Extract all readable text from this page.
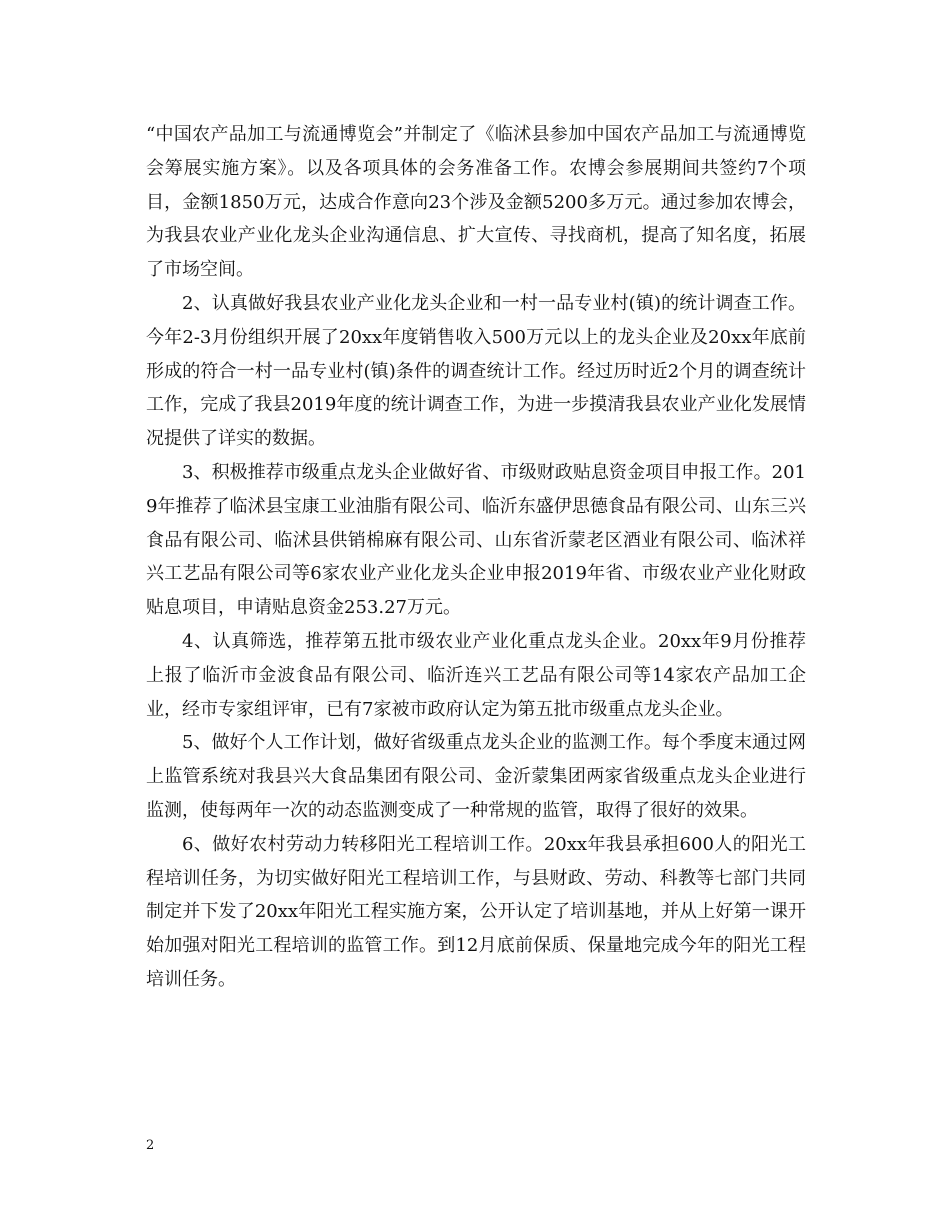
“中国农产品加工与流通博览会”并制定了《临沭县参加中国农产品加工与流通博览会筹展实施方案》。以及各项具体的会务准备工作。农博会参展期间共签约7个项目，金额1850万元，达成合作意向23个涉及金额5200多万元。通过参加农博会，为我县农业产业化龙头企业沟通信息、扩大宣传、寻找商机，提高了知名度，拓展了市场空间。

2、认真做好我县农业产业化龙头企业和一村一品专业村(镇)的统计调查工作。今年2-3月份组织开展了20xx年度销售收入500万元以上的龙头企业及20xx年底前形成的符合一村一品专业村(镇)条件的调查统计工作。经过历时近2个月的调查统计工作，完成了我县2019年度的统计调查工作，为进一步摸清我县农业产业化发展情况提供了详实的数据。

3、积极推荐市级重点龙头企业做好省、市级财政贴息资金项目申报工作。2019年推荐了临沭县宝康工业油脂有限公司、临沂东盛伊思德食品有限公司、山东三兴食品有限公司、临沭县供销棉麻有限公司、山东省沂蒙老区酒业有限公司、临沭祥兴工艺品有限公司等6家农业产业化龙头企业申报2019年省、市级农业产业化财政贴息项目，申请贴息资金253.27万元。

4、认真筛选，推荐第五批市级农业产业化重点龙头企业。20xx年9月份推荐上报了临沂市金波食品有限公司、临沂连兴工艺品有限公司等14家农产品加工企业，经市专家组评审，已有7家被市政府认定为第五批市级重点龙头企业。

5、做好个人工作计划，做好省级重点龙头企业的监测工作。每个季度末通过网上监管系统对我县兴大食品集团有限公司、金沂蒙集团两家省级重点龙头企业进行监测，使每两年一次的动态监测变成了一种常规的监管，取得了很好的效果。

6、做好农村劳动力转移阳光工程培训工作。20xx年我县承担600人的阳光工程培训任务，为切实做好阳光工程培训工作，与县财政、劳动、科教等七部门共同制定并下发了20xx年阳光工程实施方案，公开认定了培训基地，并从上好第一课开始加强对阳光工程培训的监管工作。到12月底前保质、保量地完成今年的阳光工程培训任务。

2
